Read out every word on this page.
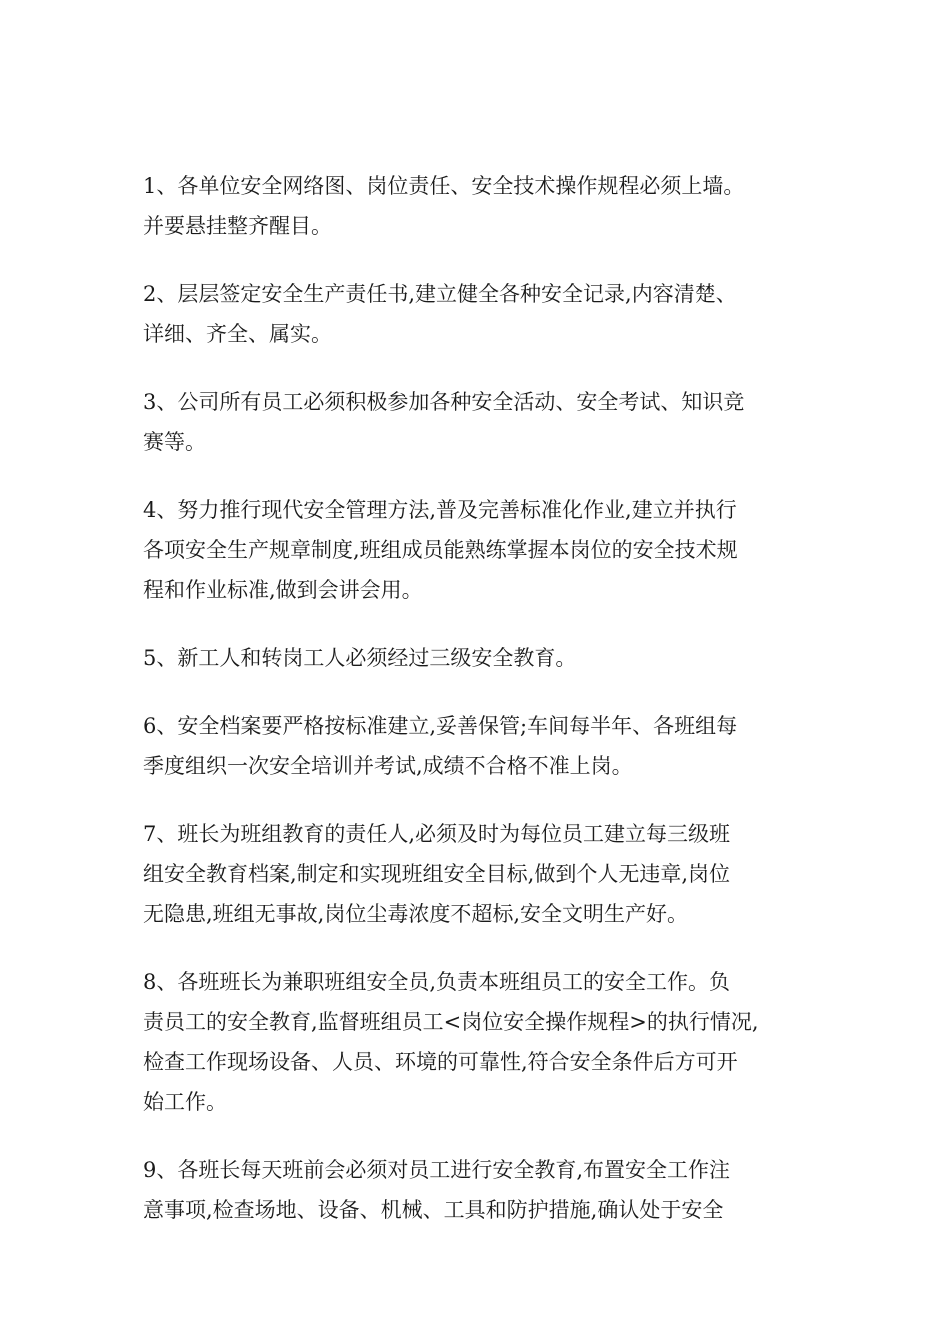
1、各单位安全网络图、岗位责任、安全技术操作规程必须上墙。
并要悬挂整齐醒目。

2、层层签定安全生产责任书,建立健全各种安全记录,内容清楚、
详细、齐全、属实。

3、公司所有员工必须积极参加各种安全活动、安全考试、知识竞
赛等。

4、努力推行现代安全管理方法,普及完善标准化作业,建立并执行
各项安全生产规章制度,班组成员能熟练掌握本岗位的安全技术规
程和作业标准,做到会讲会用。

5、新工人和转岗工人必须经过三级安全教育。

6、安全档案要严格按标准建立,妥善保管;车间每半年、各班组每
季度组织一次安全培训并考试,成绩不合格不准上岗。

7、班长为班组教育的责任人,必须及时为每位员工建立每三级班
组安全教育档案,制定和实现班组安全目标,做到个人无违章,岗位
无隐患,班组无事故,岗位尘毒浓度不超标,安全文明生产好。

8、各班班长为兼职班组安全员,负责本班组员工的安全工作。负
责员工的安全教育,监督班组员工<岗位安全操作规程>的执行情况,
检查工作现场设备、人员、环境的可靠性,符合安全条件后方可开
始工作。

9、各班长每天班前会必须对员工进行安全教育,布置安全工作注
意事项,检查场地、设备、机械、工具和防护措施,确认处于安全
